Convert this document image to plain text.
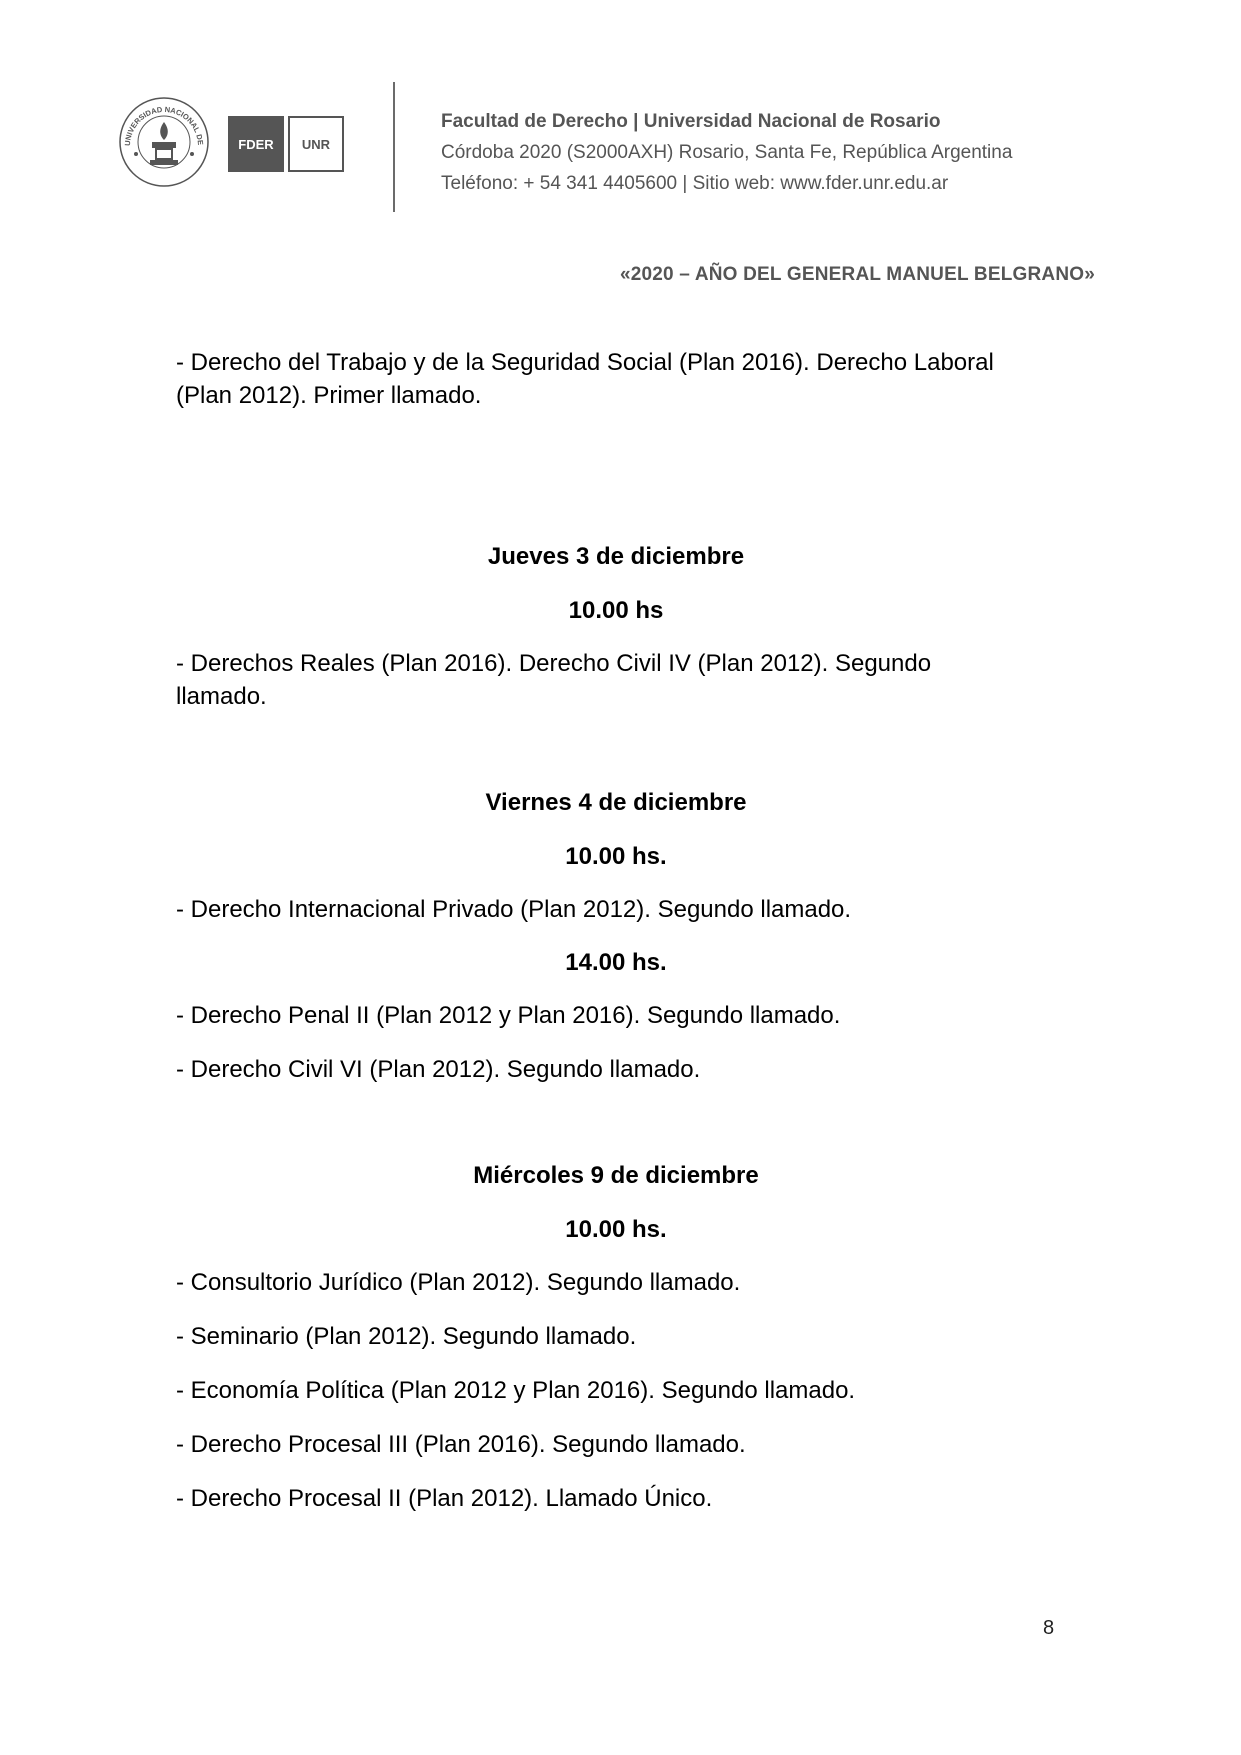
UNIVERSIDAD NACIONAL DE	FDER	UNR
Facultad de Derecho | Universidad Nacional de Rosario
Córdoba 2020 (S2000AXH) Rosario, Santa Fe, República Argentina
Teléfono: + 54 341 4405600 | Sitio web: www.fder.unr.edu.ar
«2020 – AÑO DEL GENERAL MANUEL BELGRANO»
- Derecho del Trabajo y de la Seguridad Social (Plan 2016). Derecho Laboral
(Plan 2012). Primer llamado.
Jueves 3 de diciembre
10.00 hs
- Derechos Reales (Plan 2016). Derecho Civil IV (Plan 2012). Segundo
llamado.
Viernes 4 de diciembre
10.00 hs.
- Derecho Internacional Privado (Plan 2012). Segundo llamado.
14.00 hs.
- Derecho Penal II (Plan 2012 y Plan 2016). Segundo llamado.
- Derecho Civil VI (Plan 2012). Segundo llamado.
Miércoles 9 de diciembre
10.00 hs.
- Consultorio Jurídico (Plan 2012). Segundo llamado.
- Seminario (Plan 2012). Segundo llamado.
- Economía Política (Plan 2012 y Plan 2016). Segundo llamado.
- Derecho Procesal III (Plan 2016). Segundo llamado.
- Derecho Procesal II (Plan 2012). Llamado Único.
8
